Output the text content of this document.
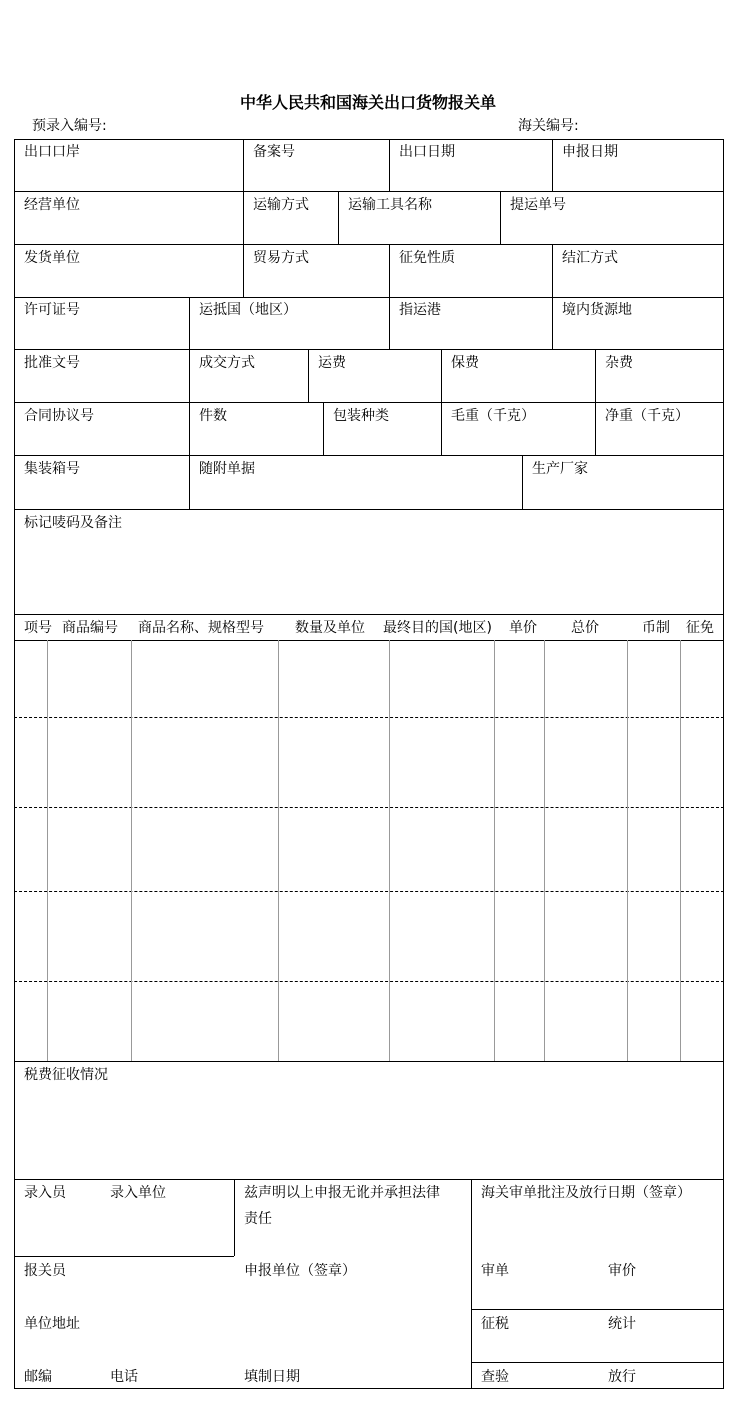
中华人民共和国海关出口货物报关单
预录入编号:	海关编号:
出口口岸	备案号	出口日期	申报日期
经营单位	运输方式	运输工具名称	提运单号
发货单位	贸易方式	征免性质	结汇方式
许可证号	运抵国（地区）	指运港	境内货源地
批准文号	成交方式	运费	保费	杂费
合同协议号	件数	包装种类	毛重（千克）	净重（千克）
集装箱号	随附单据	生产厂家
标记唛码及备注
项号 商品编号 商品名称、规格型号 数量及单位 最终目的国(地区) 单价 总价	币制 征免
税费征收情况
录入员	录入单位	兹声明以上申报无讹并承担法律
责任
海关审单批注及放行日期（签章）
报关员	申报单位（签章）	审单	审价
单位地址	征税	统计
邮编	电话	填制日期	查验	放行
